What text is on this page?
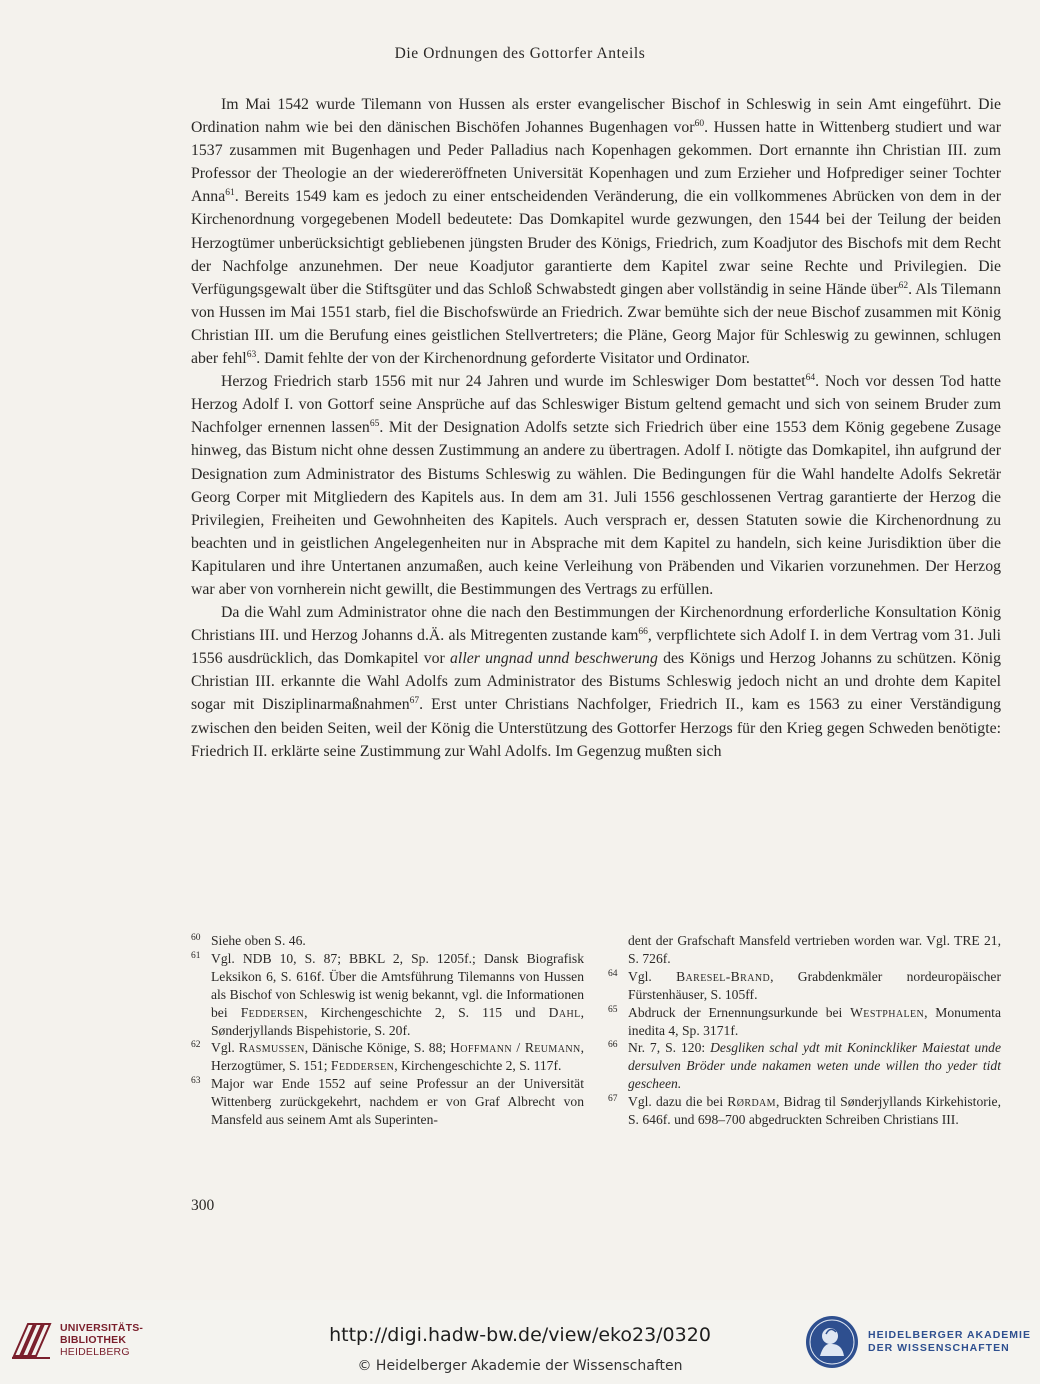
Die Ordnungen des Gottorfer Anteils

Im Mai 1542 wurde Tilemann von Hussen als erster evangelischer Bischof in Schleswig in sein Amt eingeführt. Die Ordination nahm wie bei den dänischen Bischöfen Johannes Bugenhagen vor$^{60}$. Hussen hatte in Wittenberg studiert und war 1537 zusammen mit Bugenhagen und Peder Palladius nach Kopenhagen gekommen. Dort ernannte ihn Christian III. zum Professor der Theologie an der wiedereröffneten Universität Kopenhagen und zum Erzieher und Hofprediger seiner Tochter Anna$^{61}$. Bereits 1549 kam es jedoch zu einer entscheidenden Veränderung, die ein vollkommenes Abrücken von dem in der Kirchenordnung vorgegebenen Modell bedeutete: Das Domkapitel wurde gezwungen, den 1544 bei der Teilung der beiden Herzogtümer unberücksichtigt gebliebenen jüngsten Bruder des Königs, Friedrich, zum Koadjutor des Bischofs mit dem Recht der Nachfolge anzunehmen. Der neue Koadjutor garantierte dem Kapitel zwar seine Rechte und Privilegien. Die Verfügungsgewalt über die Stiftsgüter und das Schloß Schwabstedt gingen aber vollständig in seine Hände über$^{62}$. Als Tilemann von Hussen im Mai 1551 starb, fiel die Bischofswürde an Friedrich. Zwar bemühte sich der neue Bischof zusammen mit König Christian III. um die Berufung eines geistlichen Stellvertreters; die Pläne, Georg Major für Schleswig zu gewinnen, schlugen aber fehl$^{63}$. Damit fehlte der von der Kirchenordnung geforderte Visitator und Ordinator.

Herzog Friedrich starb 1556 mit nur 24 Jahren und wurde im Schleswiger Dom bestattet$^{64}$. Noch vor dessen Tod hatte Herzog Adolf I. von Gottorf seine Ansprüche auf das Schleswiger Bistum geltend gemacht und sich von seinem Bruder zum Nachfolger ernennen lassen$^{65}$. Mit der Designation Adolfs setzte sich Friedrich über eine 1553 dem König gegebene Zusage hinweg, das Bistum nicht ohne dessen Zustimmung an andere zu übertragen. Adolf I. nötigte das Domkapitel, ihn aufgrund der Designation zum Administrator des Bistums Schleswig zu wählen. Die Bedingungen für die Wahl handelte Adolfs Sekretär Georg Corper mit Mitgliedern des Kapitels aus. In dem am 31. Juli 1556 geschlossenen Vertrag garantierte der Herzog die Privilegien, Freiheiten und Gewohnheiten des Kapitels. Auch versprach er, dessen Statuten sowie die Kirchenordnung zu beachten und in geistlichen Angelegenheiten nur in Absprache mit dem Kapitel zu handeln, sich keine Jurisdiktion über die Kapitularen und ihre Untertanen anzumaßen, auch keine Verleihung von Präbenden und Vikarien vorzunehmen. Der Herzog war aber von vornherein nicht gewillt, die Bestimmungen des Vertrags zu erfüllen.

Da die Wahl zum Administrator ohne die nach den Bestimmungen der Kirchenordnung erforderliche Konsultation König Christians III. und Herzog Johanns d.Ä. als Mitregenten zustande kam$^{66}$, verpflichtete sich Adolf I. in dem Vertrag vom 31. Juli 1556 ausdrücklich, das Domkapitel vor aller ungnad unnd beschwerung des Königs und Herzog Johanns zu schützen. König Christian III. erkannte die Wahl Adolfs zum Administrator des Bistums Schleswig jedoch nicht an und drohte dem Kapitel sogar mit Disziplinarmaßnahmen$^{67}$. Erst unter Christians Nachfolger, Friedrich II., kam es 1563 zu einer Verständigung zwischen den beiden Seiten, weil der König die Unterstützung des Gottorfer Herzogs für den Krieg gegen Schweden benötigte: Friedrich II. erklärte seine Zustimmung zur Wahl Adolfs. Im Gegenzug mußten sich

60 Siehe oben S. 46.
61 Vgl. NDB 10, S. 87; BBKL 2, Sp. 1205f.; Dansk Biografisk Leksikon 6, S. 616f. Über die Amtsführung Tilemanns von Hussen als Bischof von Schleswig ist wenig bekannt, vgl. die Informationen bei Feddersen, Kirchengeschichte 2, S. 115 und Dahl, Sønderjyllands Bispehistorie, S. 20f.
62 Vgl. Rasmussen, Dänische Könige, S. 88; Hoffmann / Reumann, Herzogtümer, S. 151; Feddersen, Kirchengeschichte 2, S. 117f.
63 Major war Ende 1552 auf seine Professur an der Universität Wittenberg zurückgekehrt, nachdem er von Graf Albrecht von Mansfeld aus seinem Amt als Superinten-
dent der Grafschaft Mansfeld vertrieben worden war. Vgl. TRE 21, S. 726f.
64 Vgl. Baresel-Brand, Grabdenkmäler nordeuropäischer Fürstenhäuser, S. 105ff.
65 Abdruck der Ernennungsurkunde bei Westphalen, Monumenta inedita 4, Sp. 3171f.
66 Nr. 7, S. 120: Desgliken schal ydt mit Koninckliker Maiestat unde dersulven Bröder unde nakamen weten unde willen tho yeder tidt gescheen.
67 Vgl. dazu die bei Rørdam, Bidrag til Sønderjyllands Kirkehistorie, S. 646f. und 698–700 abgedruckten Schreiben Christians III.
300
UNIVERSITÄTS-
BIBLIOTHEK
HEIDELBERG
http://digi.hadw-bw.de/view/eko23/0320
© Heidelberger Akademie der Wissenschaften
HEIDELBERGER AKADEMIE
DER WISSENSCHAFTEN
